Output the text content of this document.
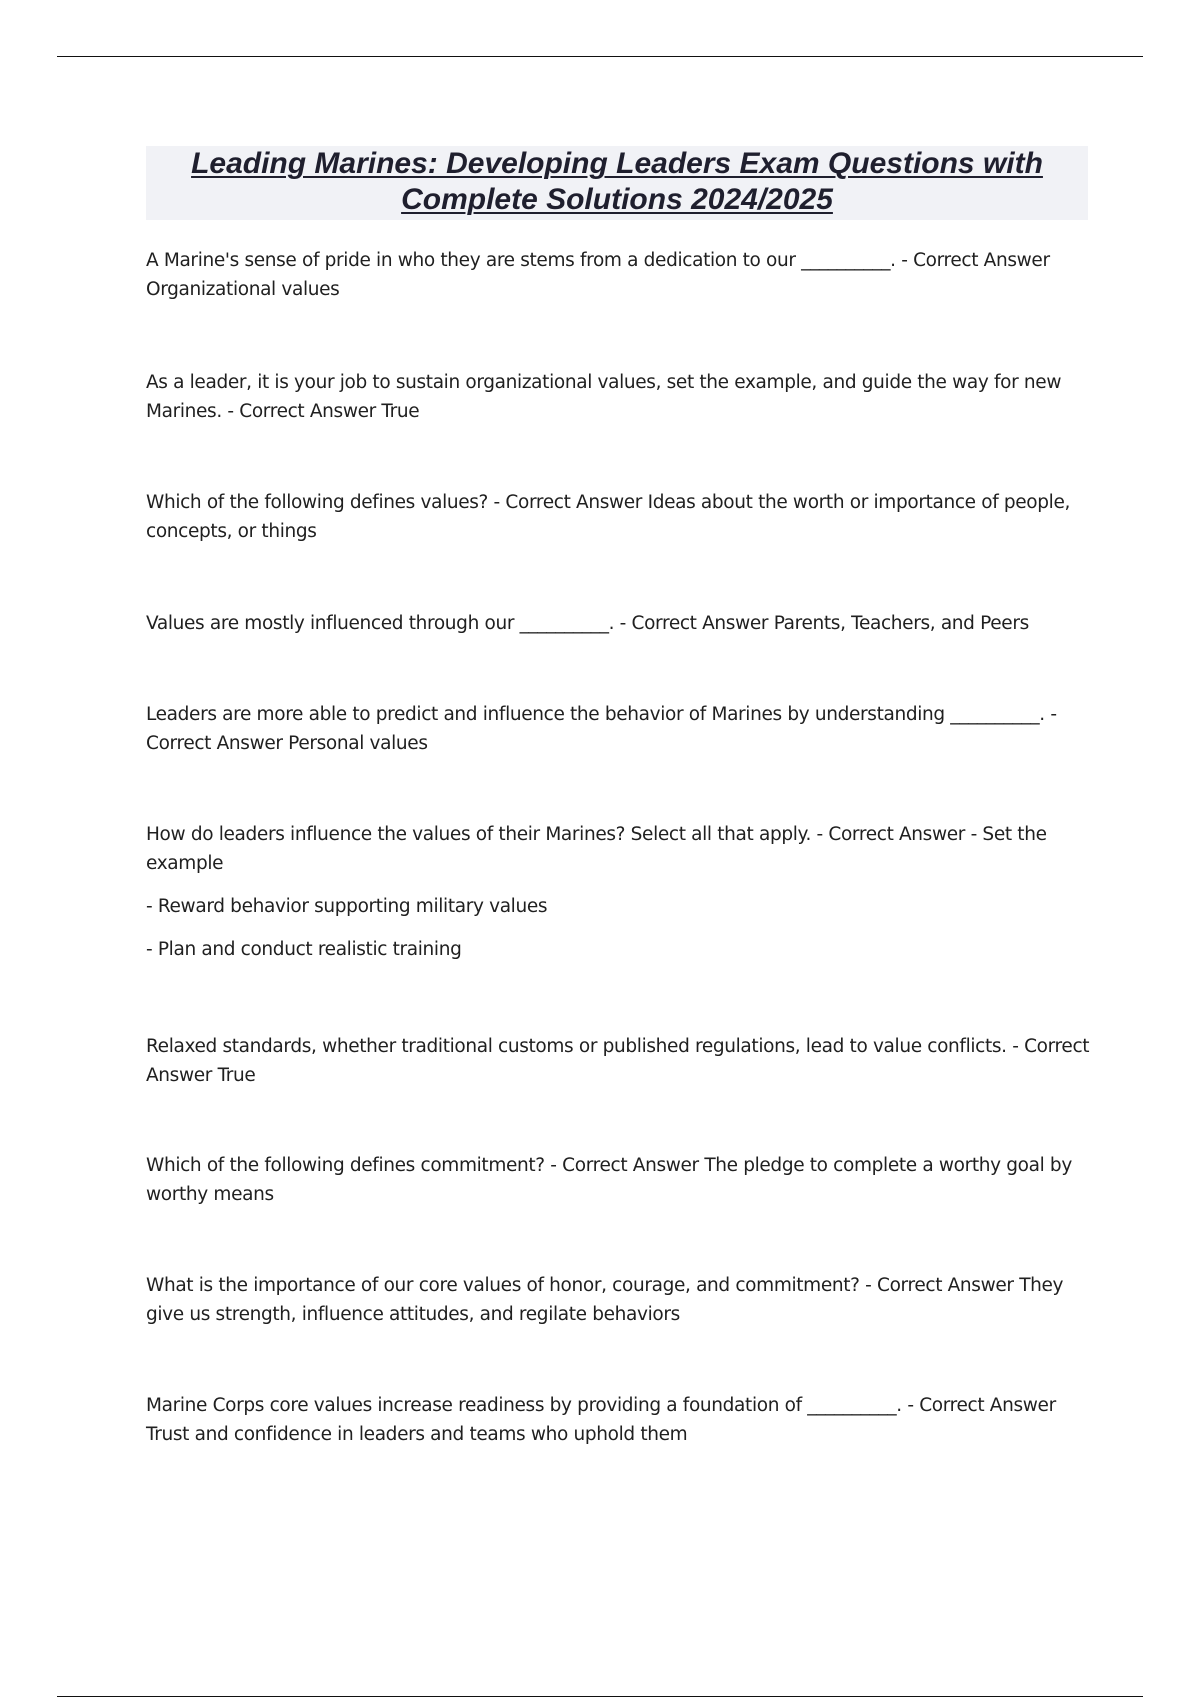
Leading Marines: Developing Leaders Exam Questions with
Complete Solutions 2024/2025

A Marine's sense of pride in who they are stems from a dedication to our __________. - Correct Answer Organizational values

As a leader, it is your job to sustain organizational values, set the example, and guide the way for new Marines. - Correct Answer True

Which of the following defines values? - Correct Answer Ideas about the worth or importance of people, concepts, or things

Values are mostly influenced through our __________. - Correct Answer Parents, Teachers, and Peers

Leaders are more able to predict and influence the behavior of Marines by understanding __________. - Correct Answer Personal values

How do leaders influence the values of their Marines? Select all that apply. - Correct Answer - Set the example

- Reward behavior supporting military values

- Plan and conduct realistic training

Relaxed standards, whether traditional customs or published regulations, lead to value conflicts. - Correct Answer True

Which of the following defines commitment? - Correct Answer The pledge to complete a worthy goal by worthy means

What is the importance of our core values of honor, courage, and commitment? - Correct Answer They give us strength, influence attitudes, and regilate behaviors

Marine Corps core values increase readiness by providing a foundation of __________. - Correct Answer Trust and confidence in leaders and teams who uphold them
